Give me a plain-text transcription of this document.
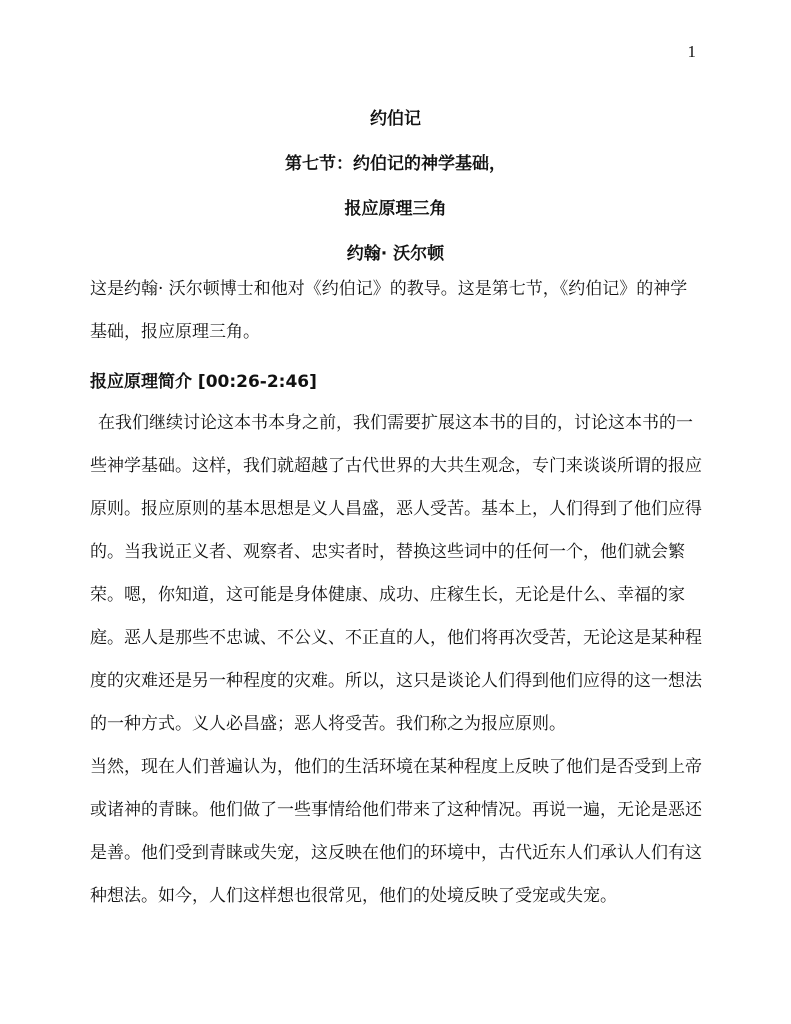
1
约伯记
第七节：约伯记的神学基础，
报应原理三角
约翰· 沃尔顿
这是约翰· 沃尔顿博士和他对《约伯记》的教导。这是第七节，《约伯记》的神学
基础，报应原理三角。
报应原理简介 [00:26-2:46]
在我们继续讨论这本书本身之前，我们需要扩展这本书的目的，讨论这本书的一
些神学基础。这样，我们就超越了古代世界的大共生观念，专门来谈谈所谓的报应
原则。报应原则的基本思想是义人昌盛，恶人受苦。基本上，人们得到了他们应得
的。当我说正义者、观察者、忠实者时，替换这些词中的任何一个，他们就会繁
荣。嗯，你知道，这可能是身体健康、成功、庄稼生长，无论是什么、幸福的家
庭。恶人是那些不忠诚、不公义、不正直的人，他们将再次受苦，无论这是某种程
度的灾难还是另一种程度的灾难。所以，这只是谈论人们得到他们应得的这一想法
的一种方式。义人必昌盛；恶人将受苦。我们称之为报应原则。
当然，现在人们普遍认为，他们的生活环境在某种程度上反映了他们是否受到上帝
或诸神的青睐。他们做了一些事情给他们带来了这种情况。再说一遍，无论是恶还
是善。他们受到青睐或失宠，这反映在他们的环境中，古代近东人们承认人们有这
种想法。如今，人们这样想也很常见，他们的处境反映了受宠或失宠。
